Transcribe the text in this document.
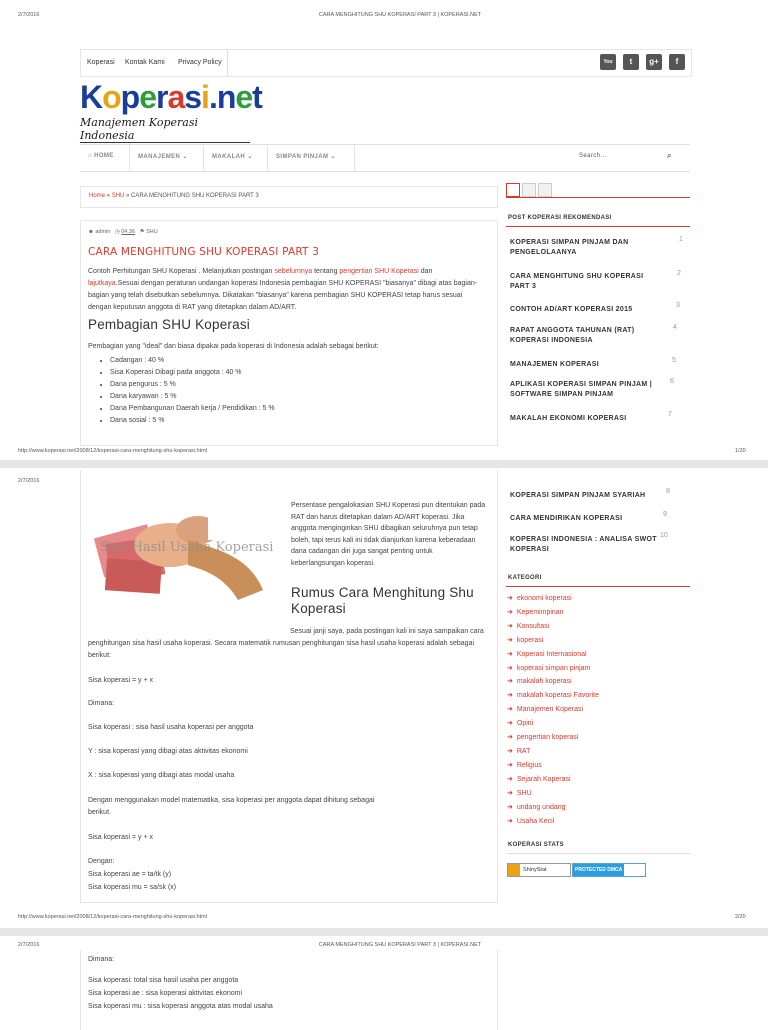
2/7/2016	CARA MENGHITUNG SHU KOPERASI PART 3 | KOPERASI.NET
Koperasi Kontak Kami Privacy Policy	You	t	g+	f
Koperasi.net
Manajemen Koperasi Indonesia
⌂ HOME	MANAJEMEN ⌄	MAKALAH ⌄	SIMPAN PINJAM ⌄	Search...	⌕
Home » SHU » CARA MENGHITUNG SHU KOPERASI PART 3
☻ admin ◷ 04.36 ⚑ SHU
CARA MENGHITUNG SHU KOPERASI PART 3
Contoh Perhitungan SHU Koperasi . Melanjutkan postingan sebelumnya tentang pengertian SHU Koperasi dan lajutkaya.Sesuai dengan peraturan undangan koperasi Indonesia pembagian SHU KOPERASI "biasanya" dibagi atas bagian-bagian yang telah disebutkan sebelumnya. Dikatakan "biasanya" karena pembagian SHU KOPERASI tetap harus sesuai dengan keputusan anggota di RAT yang ditetapkan dalam AD/ART.
Pembagian SHU Koperasi
Pembagian yang "ideal" dan biasa dipakai pada koperasi di Indonesia adalah sebagai berikut:
• Cadangan : 40 %
• Sisa Koperasi Dibagi pada anggota : 40 %
• Dana pengurus : 5 %
• Dana karyawan : 5 %
• Dana Pembangunan Daerah kerja / Pendidikan : 5 %
• Dana sosial : 5 %
POST KOPERASI REKOMENDASI
KOPERASI SIMPAN PINJAM DAN PENGELOLAANYA
1
CARA MENGHITUNG SHU KOPERASI PART 3
2
CONTOH AD/ART KOPERASI 2015
3
RAPAT ANGGOTA TAHUNAN (RAT) KOPERASI INDONESIA
4
MANAJEMEN KOPERASI
5
APLIKASI KOPERASI SIMPAN PINJAM | SOFTWARE SIMPAN PINJAM
6
MAKALAH EKONOMI KOPERASI
7
http://www.koperasi.net/2008/12/koperasi-cara-menghitung-shu-koperasi.html	1/20
2/7/2016
Sisa Hasil Usaha Koperasi
Persentase pengalokasian SHU Koperasi pun ditentukan pada RAT dan harus ditetapkan dalam AD/ART koperasi. Jika anggota menginginkan SHU dibagikan seluruhnya pun tetap boleh, tapi terus kali ini tidak dianjurkan karena keberadaan dana cadangan diri juga sangat penting untuk keberlangsungan koperasi.
Rumus Cara Menghitung Shu Koperasi
Sesuai janji saya, pada postingan kali ini saya sampaikan cara penghitungan sisa hasil usaha koperasi. Secara matematik rumusan penghitungan sisa hasil usaha koperasi adalah sebagai berikut:
Sisa koperasi = y + x
Dimana:
Sisa koperasi : sisa hasil usaha koperasi per anggota
Y : sisa koperasi yang dibagi atas aktivitas ekonomi
X : sisa koperasi yang dibagi atas modal usaha
Dengan menggunakan model matematika, sisa koperasi per anggota dapat dihitung sebagai berikut.
Sisa koperasi = y + x
Dengan:
Sisa koperasi ae = ta/tk (y)
Sisa koperasi mu = sa/sk (x)
KOPERASI SIMPAN PINJAM SYARIAH
8
CARA MENDIRIKAN KOPERASI
9
KOPERASI INDONESIA : ANALISA SWOT KOPERASI
10
KATEGORI
➜ ekonomi koperasi
➜ Kepemimpinan
➜ Konsultasi
➜ koperasi
➜ Koperasi Internasional
➜ koperasi simpan pinjam
➜ makalah koperasi
➜ makalah koperasi Favorite
➜ Manajemen Koperasi
➜ Opini
➜ pengertian koperasi
➜ RAT
➜ Religius
➜ Sejarah Koperasi
➜ SHU
➜ undang undang
➜ Usaha Kecil
KOPERASI STATS
ShinyStat	PROTECTED DMCA
http://www.koperasi.net/2008/12/koperasi-cara-menghitung-shu-koperasi.html	2/20
2/7/2016	CARA MENGHITUNG SHU KOPERASI PART 3 | KOPERASI.NET
Dimana:
Sisa koperasi: total sisa hasil usaha per anggota
Sisa koperasi ae : sisa koperasi aktivitas ekonomi
Sisa koperasi mu : sisa koperasi anggota atas modal usaha
